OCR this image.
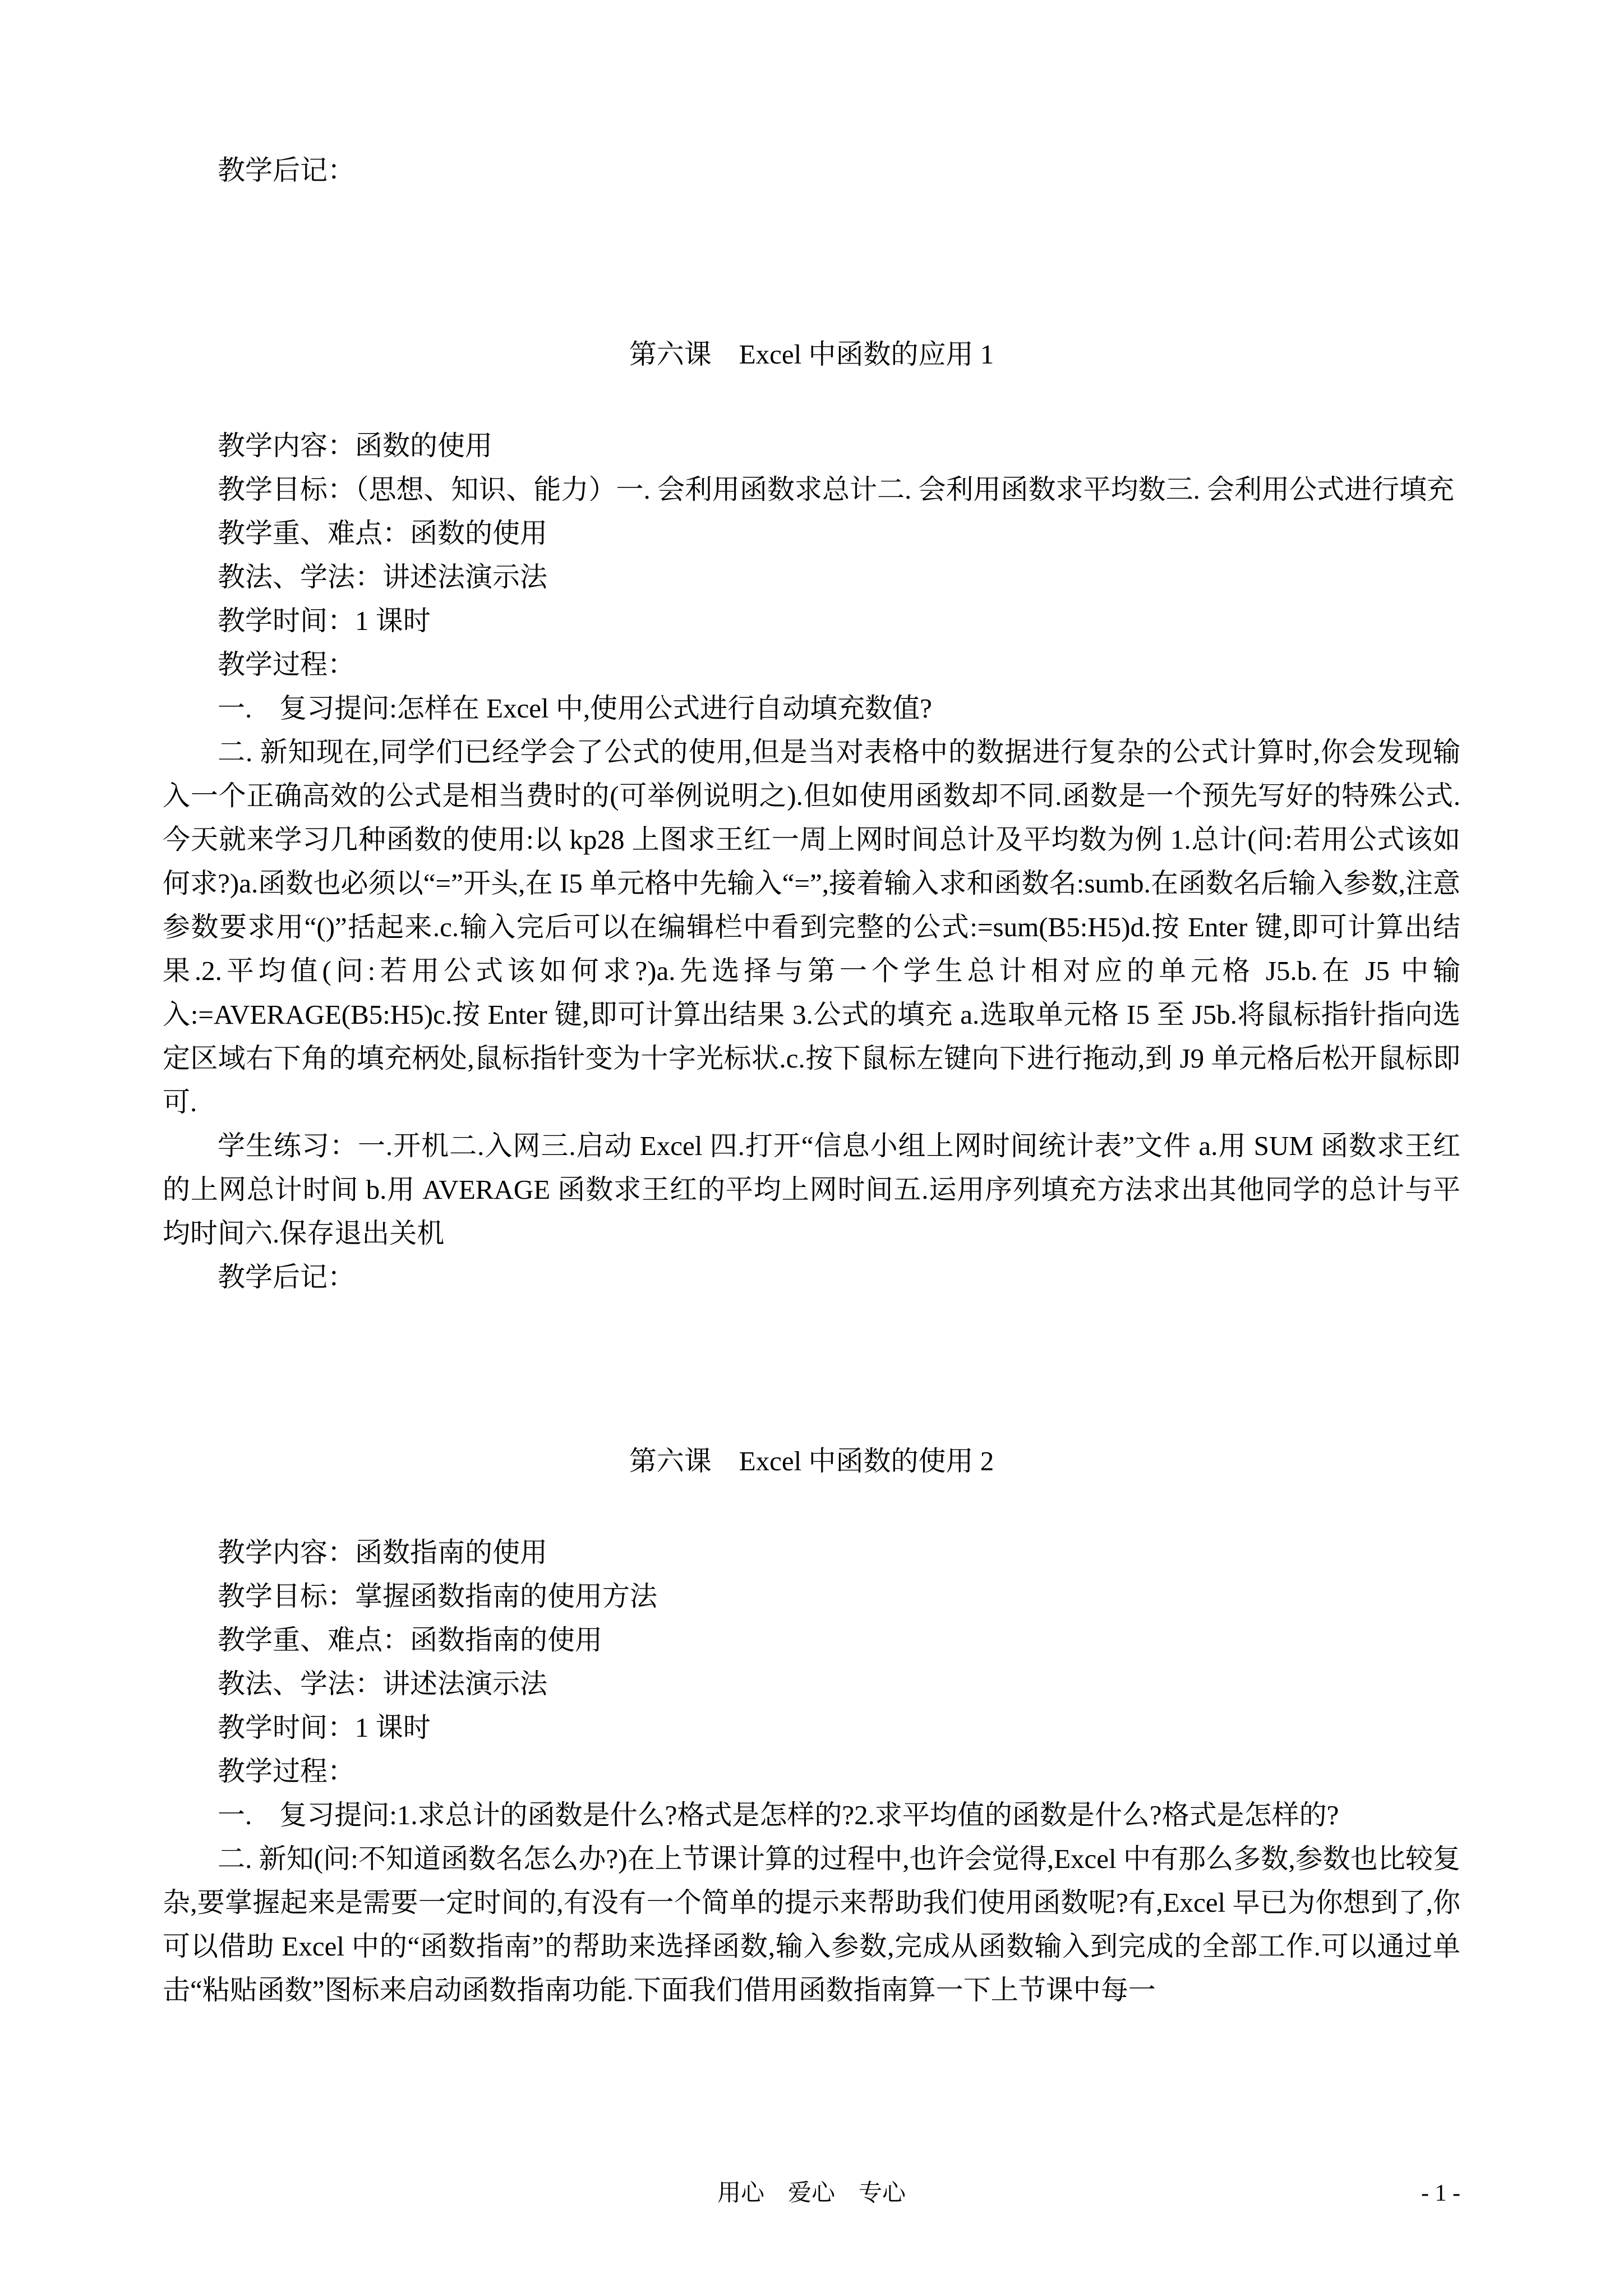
教学后记：

第六课　Excel 中函数的应用 1

教学内容：函数的使用

教学目标：（思想、知识、能力）一. 会利用函数求总计二. 会利用函数求平均数三. 会利用公式进行填充

教学重、难点：函数的使用

教法、学法：讲述法演示法

教学时间：1 课时

教学过程：

一.　复习提问:怎样在 Excel 中,使用公式进行自动填充数值?

二. 新知现在,同学们已经学会了公式的使用,但是当对表格中的数据进行复杂的公式计算时,你会发现输入一个正确高效的公式是相当费时的(可举例说明之).但如使用函数却不同.函数是一个预先写好的特殊公式.今天就来学习几种函数的使用:以 kp28 上图求王红一周上网时间总计及平均数为例 1.总计(问:若用公式该如何求?)a.函数也必须以“=”开头,在 I5 单元格中先输入“=”,接着输入求和函数名:sumb.在函数名后输入参数,注意参数要求用“()”括起来.c.输入完后可以在编辑栏中看到完整的公式:=sum(B5:H5)d.按 Enter 键,即可计算出结果.2.平均值(问:若用公式该如何求?)a.先选择与第一个学生总计相对应的单元格 J5.b.在 J5 中输入:=AVERAGE(B5:H5)c.按 Enter 键,即可计算出结果 3.公式的填充 a.选取单元格 I5 至 J5b.将鼠标指针指向选定区域右下角的填充柄处,鼠标指针变为十字光标状.c.按下鼠标左键向下进行拖动,到 J9 单元格后松开鼠标即可.

学生练习：一.开机二.入网三.启动 Excel 四.打开“信息小组上网时间统计表”文件 a.用 SUM 函数求王红的上网总计时间 b.用 AVERAGE 函数求王红的平均上网时间五.运用序列填充方法求出其他同学的总计与平均时间六.保存退出关机

教学后记：

第六课　Excel 中函数的使用 2

教学内容：函数指南的使用

教学目标：掌握函数指南的使用方法

教学重、难点：函数指南的使用

教法、学法：讲述法演示法

教学时间：1 课时

教学过程：

一.　复习提问:1.求总计的函数是什么?格式是怎样的?2.求平均值的函数是什么?格式是怎样的?

二. 新知(问:不知道函数名怎么办?)在上节课计算的过程中,也许会觉得,Excel 中有那么多数,参数也比较复杂,要掌握起来是需要一定时间的,有没有一个简单的提示来帮助我们使用函数呢?有,Excel 早已为你想到了,你可以借助 Excel 中的“函数指南”的帮助来选择函数,输入参数,完成从函数输入到完成的全部工作.可以通过单击“粘贴函数”图标来启动函数指南功能.下面我们借用函数指南算一下上节课中每一

用心　爱心　专心	- 1 -
